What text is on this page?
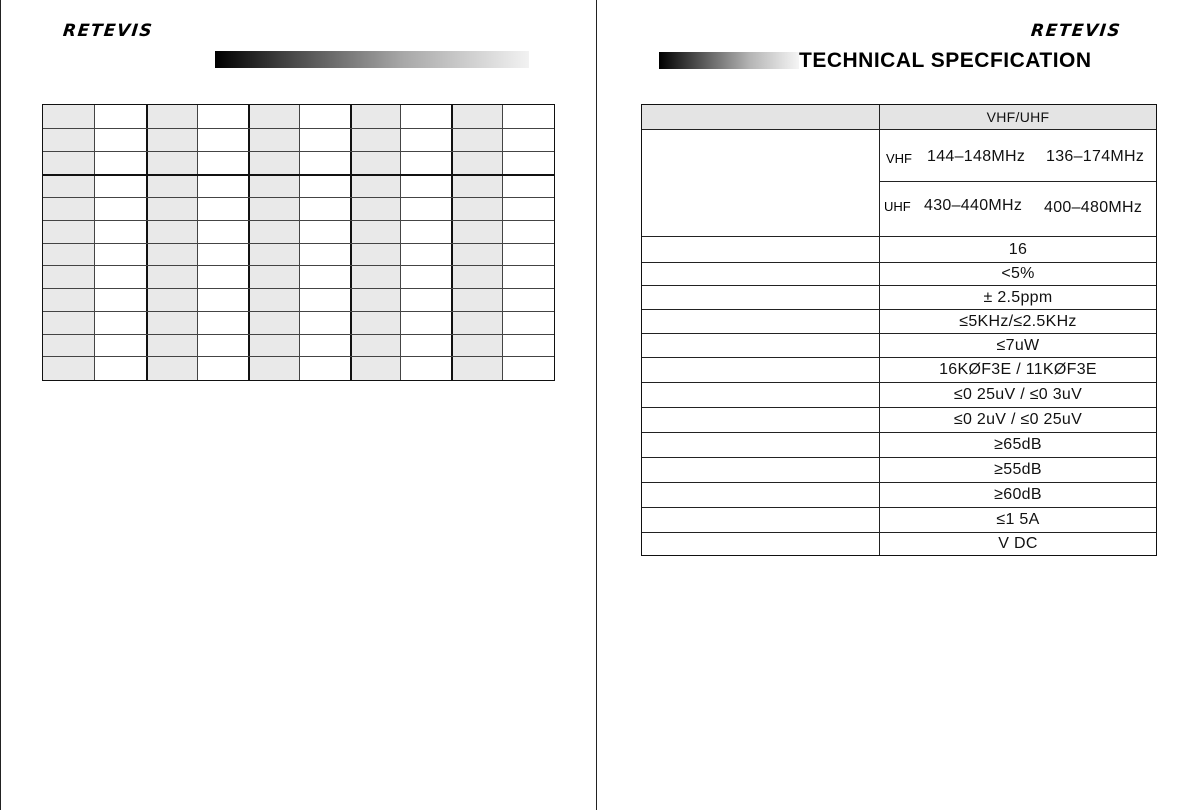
RETEVIS	RETEVIS
TECHNICAL SPECFICATION
VHF/UHF
VHF 144–148MHz 136–174MHz
UHF 430–440MHz 400–480MHz
16
<5%
± 2.5ppm
≤5KHz/≤2.5KHz
≤7uW
16KØF3E / 11KØF3E
≤0 25uV / ≤0 3uV
≤0 2uV / ≤0 25uV
≥65dB
≥55dB
≥60dB
≤1 5A
V DC
